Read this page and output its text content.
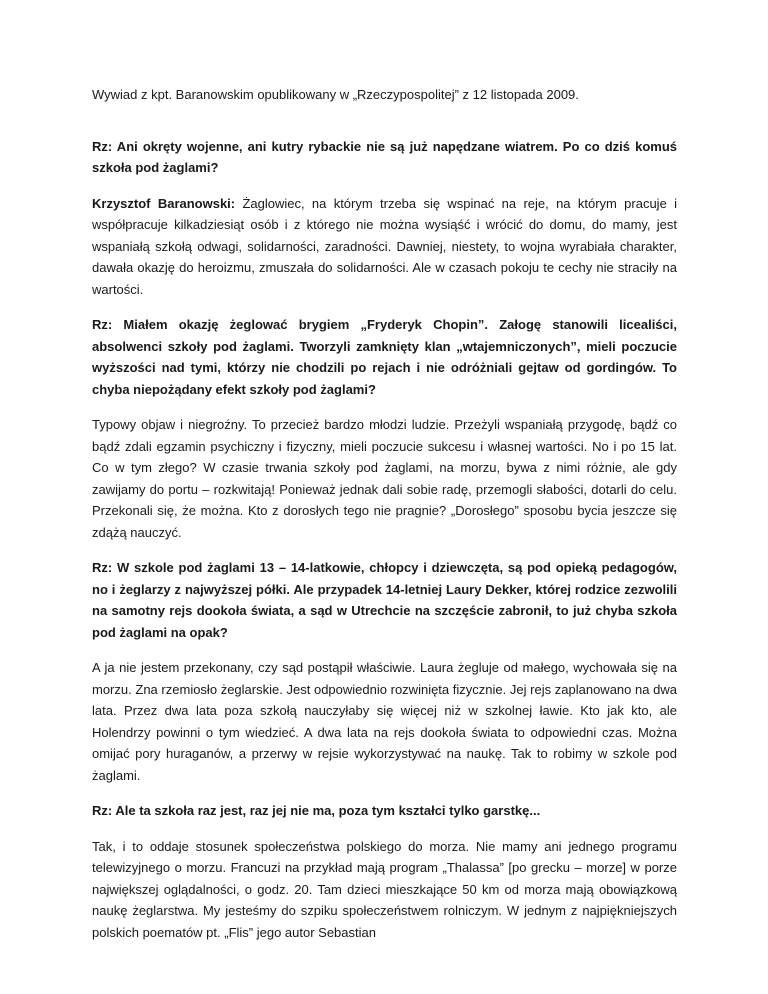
Wywiad z kpt. Baranowskim opublikowany w „Rzeczypospolitej” z 12 listopada 2009.

Rz: Ani okręty wojenne, ani kutry rybackie nie są już napędzane wiatrem. Po co dziś komuś szkoła pod żaglami?

Krzysztof Baranowski: Żaglowiec, na którym trzeba się wspinać na reje, na którym pracuje i współpracuje kilkadziesiąt osób i z którego nie można wysiąść i wrócić do domu, do mamy, jest wspaniałą szkołą odwagi, solidarności, zaradności. Dawniej, niestety, to wojna wyrabiała charakter, dawała okazję do heroizmu, zmuszała do solidarności. Ale w czasach pokoju te cechy nie straciły na wartości.

Rz: Miałem okazję żeglować brygiem „Fryderyk Chopin”. Załogę stanowili licealiści, absolwenci szkoły pod żaglami. Tworzyli zamknięty klan „wtajemniczonych”, mieli poczucie wyższości nad tymi, którzy nie chodzili po rejach i nie odróżniali gejtaw od gordingów. To chyba niepożądany efekt szkoły pod żaglami?

Typowy objaw i niegroźny. To przecież bardzo młodzi ludzie. Przeżyli wspaniałą przygodę, bądź co bądź zdali egzamin psychiczny i fizyczny, mieli poczucie sukcesu i własnej wartości. No i po 15 lat. Co w tym złego? W czasie trwania szkoły pod żaglami, na morzu, bywa z nimi różnie, ale gdy zawijamy do portu – rozkwitają! Ponieważ jednak dali sobie radę, przemogli słabości, dotarli do celu. Przekonali się, że można. Kto z dorosłych tego nie pragnie? „Dorosłego” sposobu bycia jeszcze się zdążą nauczyć.

Rz: W szkole pod żaglami 13 – 14-latkowie, chłopcy i dziewczęta, są pod opieką pedagogów, no i żeglarzy z najwyższej półki. Ale przypadek 14-letniej Laury Dekker, której rodzice zezwolili na samotny rejs dookoła świata, a sąd w Utrechcie na szczęście zabronił, to już chyba szkoła pod żaglami na opak?

A ja nie jestem przekonany, czy sąd postąpił właściwie. Laura żegluje od małego, wychowała się na morzu. Zna rzemiosło żeglarskie. Jest odpowiednio rozwinięta fizycznie. Jej rejs zaplanowano na dwa lata. Przez dwa lata poza szkołą nauczyłaby się więcej niż w szkolnej ławie. Kto jak kto, ale Holendrzy powinni o tym wiedzieć. A dwa lata na rejs dookoła świata to odpowiedni czas. Można omijać pory huraganów, a przerwy w rejsie wykorzystywać na naukę. Tak to robimy w szkole pod żaglami.

Rz: Ale ta szkoła raz jest, raz jej nie ma, poza tym kształci tylko garstkę...

Tak, i to oddaje stosunek społeczeństwa polskiego do morza. Nie mamy ani jednego programu telewizyjnego o morzu. Francuzi na przykład mają program „Thalassa” [po grecku – morze] w porze największej oglądalności, o godz. 20. Tam dzieci mieszkające 50 km od morza mają obowiązkową naukę żeglarstwa. My jesteśmy do szpiku społeczeństwem rolniczym. W jednym z najpiękniejszych polskich poematów pt. „Flis” jego autor Sebastian
